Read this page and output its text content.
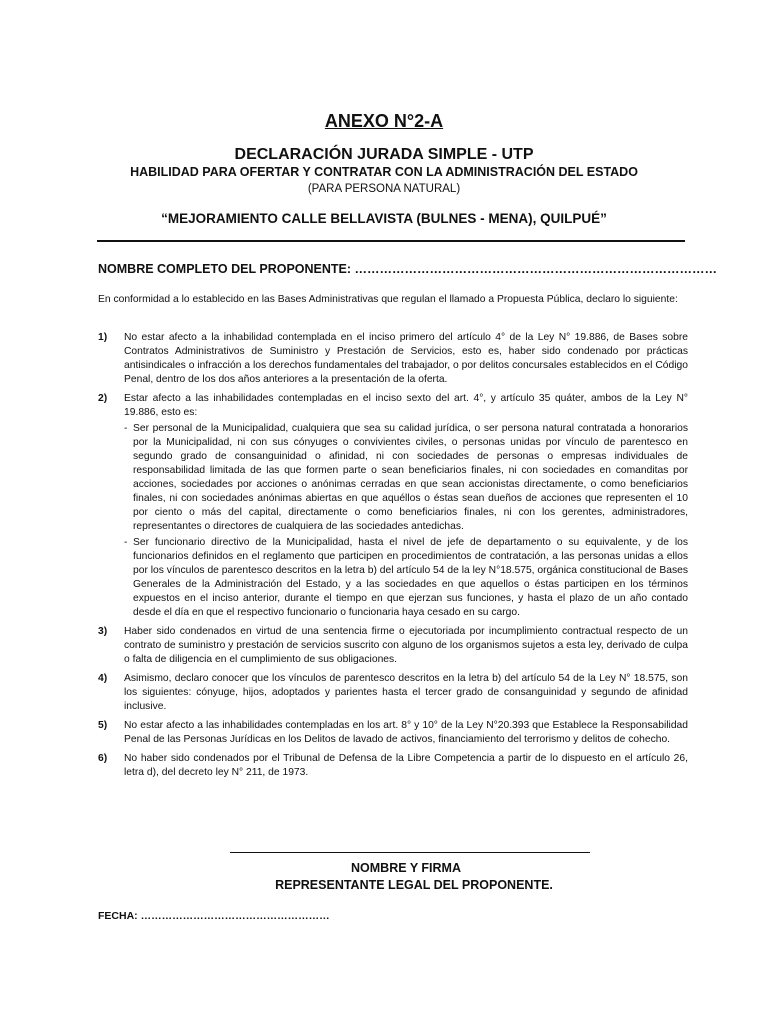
ANEXO N°2-A
DECLARACIÓN JURADA SIMPLE - UTP
HABILIDAD PARA OFERTAR Y CONTRATAR CON LA ADMINISTRACIÓN DEL ESTADO
(PARA PERSONA NATURAL)
“MEJORAMIENTO CALLE BELLAVISTA (BULNES - MENA), QUILPUÉ”
NOMBRE COMPLETO DEL PROPONENTE: ……………………………………………………………………………
En conformidad a lo establecido en las Bases Administrativas que regulan el llamado a Propuesta Pública, declaro lo siguiente:
1)	No estar afecto a la inhabilidad contemplada en el inciso primero del artículo 4° de la Ley N° 19.886, de Bases sobre Contratos Administrativos de Suministro y Prestación de Servicios, esto es, haber sido condenado por prácticas antisindicales o infracción a los derechos fundamentales del trabajador, o por delitos concursales establecidos en el Código Penal, dentro de los dos años anteriores a la presentación de la oferta.
2)	Estar afecto a las inhabilidades contempladas en el inciso sexto del art. 4°, y artículo 35 quáter, ambos de la Ley N° 19.886, esto es:
- Ser personal de la Municipalidad, cualquiera que sea su calidad jurídica, o ser persona natural contratada a honorarios por la Municipalidad, ni con sus cónyuges o convivientes civiles, o personas unidas por vínculo de parentesco en segundo grado de consanguinidad o afinidad, ni con sociedades de personas o empresas individuales de responsabilidad limitada de las que formen parte o sean beneficiarios finales, ni con sociedades en comanditas por acciones, sociedades por acciones o anónimas cerradas en que sean accionistas directamente, o como beneficiarios finales, ni con sociedades anónimas abiertas en que aquéllos o éstas sean dueños de acciones que representen el 10 por ciento o más del capital, directamente o como beneficiarios finales, ni con los gerentes, administradores, representantes o directores de cualquiera de las sociedades antedichas.
- Ser funcionario directivo de la Municipalidad, hasta el nivel de jefe de departamento o su equivalente, y de los funcionarios definidos en el reglamento que participen en procedimientos de contratación, a las personas unidas a ellos por los vínculos de parentesco descritos en la letra b) del artículo 54 de la ley N°18.575, orgánica constitucional de Bases Generales de la Administración del Estado, y a las sociedades en que aquellos o éstas participen en los términos expuestos en el inciso anterior, durante el tiempo en que ejerzan sus funciones, y hasta el plazo de un año contado desde el día en que el respectivo funcionario o funcionaria haya cesado en su cargo.
3)	Haber sido condenados en virtud de una sentencia firme o ejecutoriada por incumplimiento contractual respecto de un contrato de suministro y prestación de servicios suscrito con alguno de los organismos sujetos a esta ley, derivado de culpa o falta de diligencia en el cumplimiento de sus obligaciones.
4)	Asimismo, declaro conocer que los vínculos de parentesco descritos en la letra b) del artículo 54 de la Ley N° 18.575, son los siguientes: cónyuge, hijos, adoptados y parientes hasta el tercer grado de consanguinidad y segundo de afinidad inclusive.
5)	No estar afecto a las inhabilidades contempladas en los art. 8° y 10° de la Ley N°20.393 que Establece la Responsabilidad Penal de las Personas Jurídicas en los Delitos de lavado de activos, financiamiento del terrorismo y delitos de cohecho.
6)	No haber sido condenados por el Tribunal de Defensa de la Libre Competencia a partir de lo dispuesto en el artículo 26, letra d), del decreto ley N° 211, de 1973.
NOMBRE Y FIRMA
REPRESENTANTE LEGAL DEL PROPONENTE.
FECHA: ………………………………………………
